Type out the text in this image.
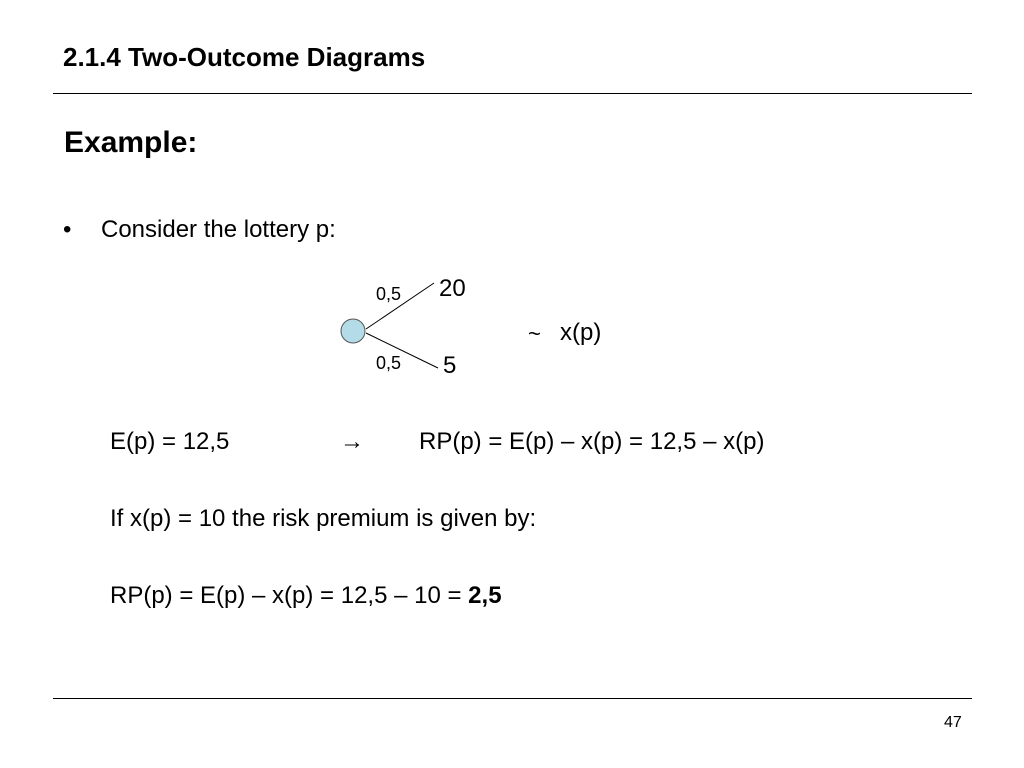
2.1.4 Two-Outcome Diagrams
Example:
• Consider the lottery p:
0,5 20
0,5 5
~ x(p)
E(p) = 12,5	→ RP(p) = E(p) – x(p) = 12,5 – x(p)
If x(p) = 10 the risk premium is given by:
RP(p) = E(p) – x(p) = 12,5 – 10 = 2,5
47
